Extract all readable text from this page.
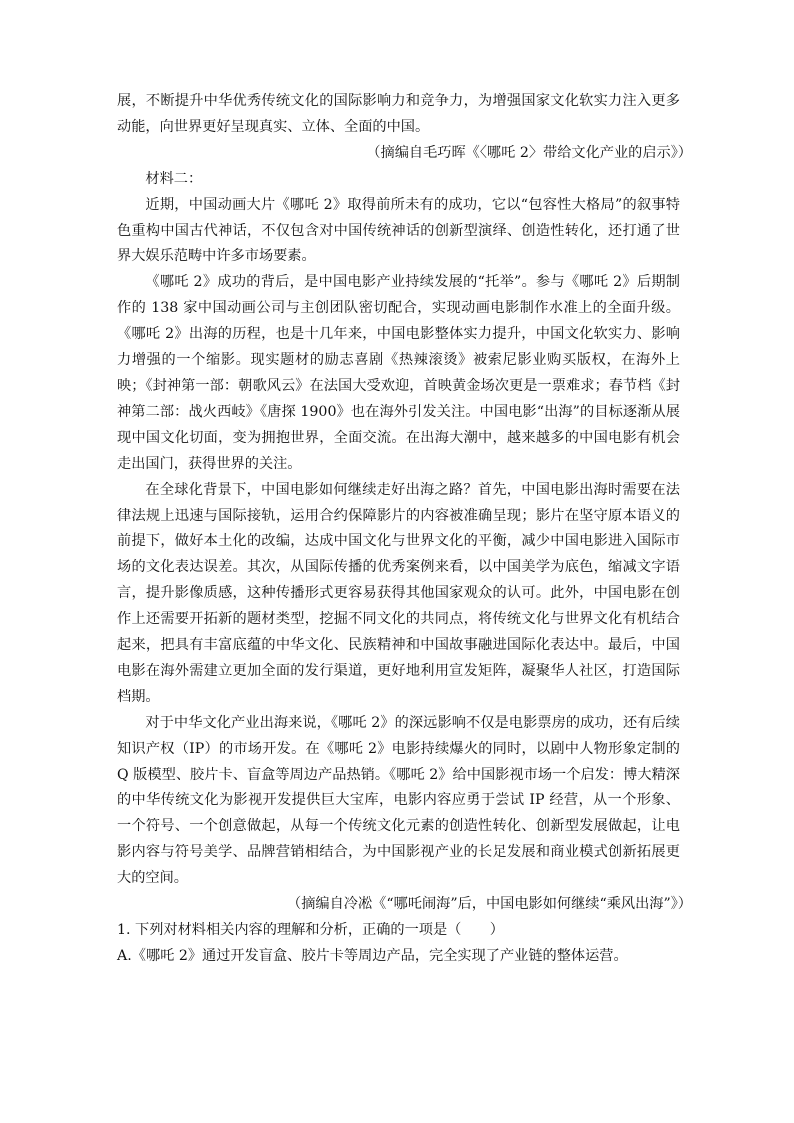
展，不断提升中华优秀传统文化的国际影响力和竞争力，为增强国家文化软实力注入更多动能，向世界更好呈现真实、立体、全面的中国。

（摘编自毛巧晖《〈哪吒 2〉带给文化产业的启示》）

材料二：

近期，中国动画大片《哪吒 2》取得前所未有的成功，它以“包容性大格局”的叙事特色重构中国古代神话，不仅包含对中国传统神话的创新型演绎、创造性转化，还打通了世界大娱乐范畴中许多市场要素。

《哪吒 2》成功的背后，是中国电影产业持续发展的“托举”。参与《哪吒 2》后期制作的 138 家中国动画公司与主创团队密切配合，实现动画电影制作水准上的全面升级。《哪吒 2》出海的历程，也是十几年来，中国电影整体实力提升，中国文化软实力、影响力增强的一个缩影。现实题材的励志喜剧《热辣滚烫》被索尼影业购买版权，在海外上映；《封神第一部：朝歌风云》在法国大受欢迎，首映黄金场次更是一票难求；春节档《封神第二部：战火西岐》《唐探 1900》也在海外引发关注。中国电影“出海”的目标逐渐从展现中国文化切面，变为拥抱世界，全面交流。在出海大潮中，越来越多的中国电影有机会走出国门，获得世界的关注。

在全球化背景下，中国电影如何继续走好出海之路？首先，中国电影出海时需要在法律法规上迅速与国际接轨，运用合约保障影片的内容被准确呈现；影片在坚守原本语义的前提下，做好本土化的改编，达成中国文化与世界文化的平衡，减少中国电影进入国际市场的文化表达误差。其次，从国际传播的优秀案例来看，以中国美学为底色，缩减文字语言，提升影像质感，这种传播形式更容易获得其他国家观众的认可。此外，中国电影在创作上还需要开拓新的题材类型，挖掘不同文化的共同点，将传统文化与世界文化有机结合起来，把具有丰富底蕴的中华文化、民族精神和中国故事融进国际化表达中。最后，中国电影在海外需建立更加全面的发行渠道，更好地利用宣发矩阵，凝聚华人社区，打造国际档期。

对于中华文化产业出海来说，《哪吒 2》的深远影响不仅是电影票房的成功，还有后续知识产权（IP）的市场开发。在《哪吒 2》电影持续爆火的同时，以剧中人物形象定制的 Q 版模型、胶片卡、盲盒等周边产品热销。《哪吒 2》给中国影视市场一个启发：博大精深的中华传统文化为影视开发提供巨大宝库，电影内容应勇于尝试 IP 经营，从一个形象、一个符号、一个创意做起，从每一个传统文化元素的创造性转化、创新型发展做起，让电影内容与符号美学、品牌营销相结合，为中国影视产业的长足发展和商业模式创新拓展更大的空间。

（摘编自冷凇《“哪吒闹海”后，中国电影如何继续“乘风出海”》）

1. 下列对材料相关内容的理解和分析，正确的一项是（　　）

A.《哪吒 2》通过开发盲盒、胶片卡等周边产品，完全实现了产业链的整体运营。
